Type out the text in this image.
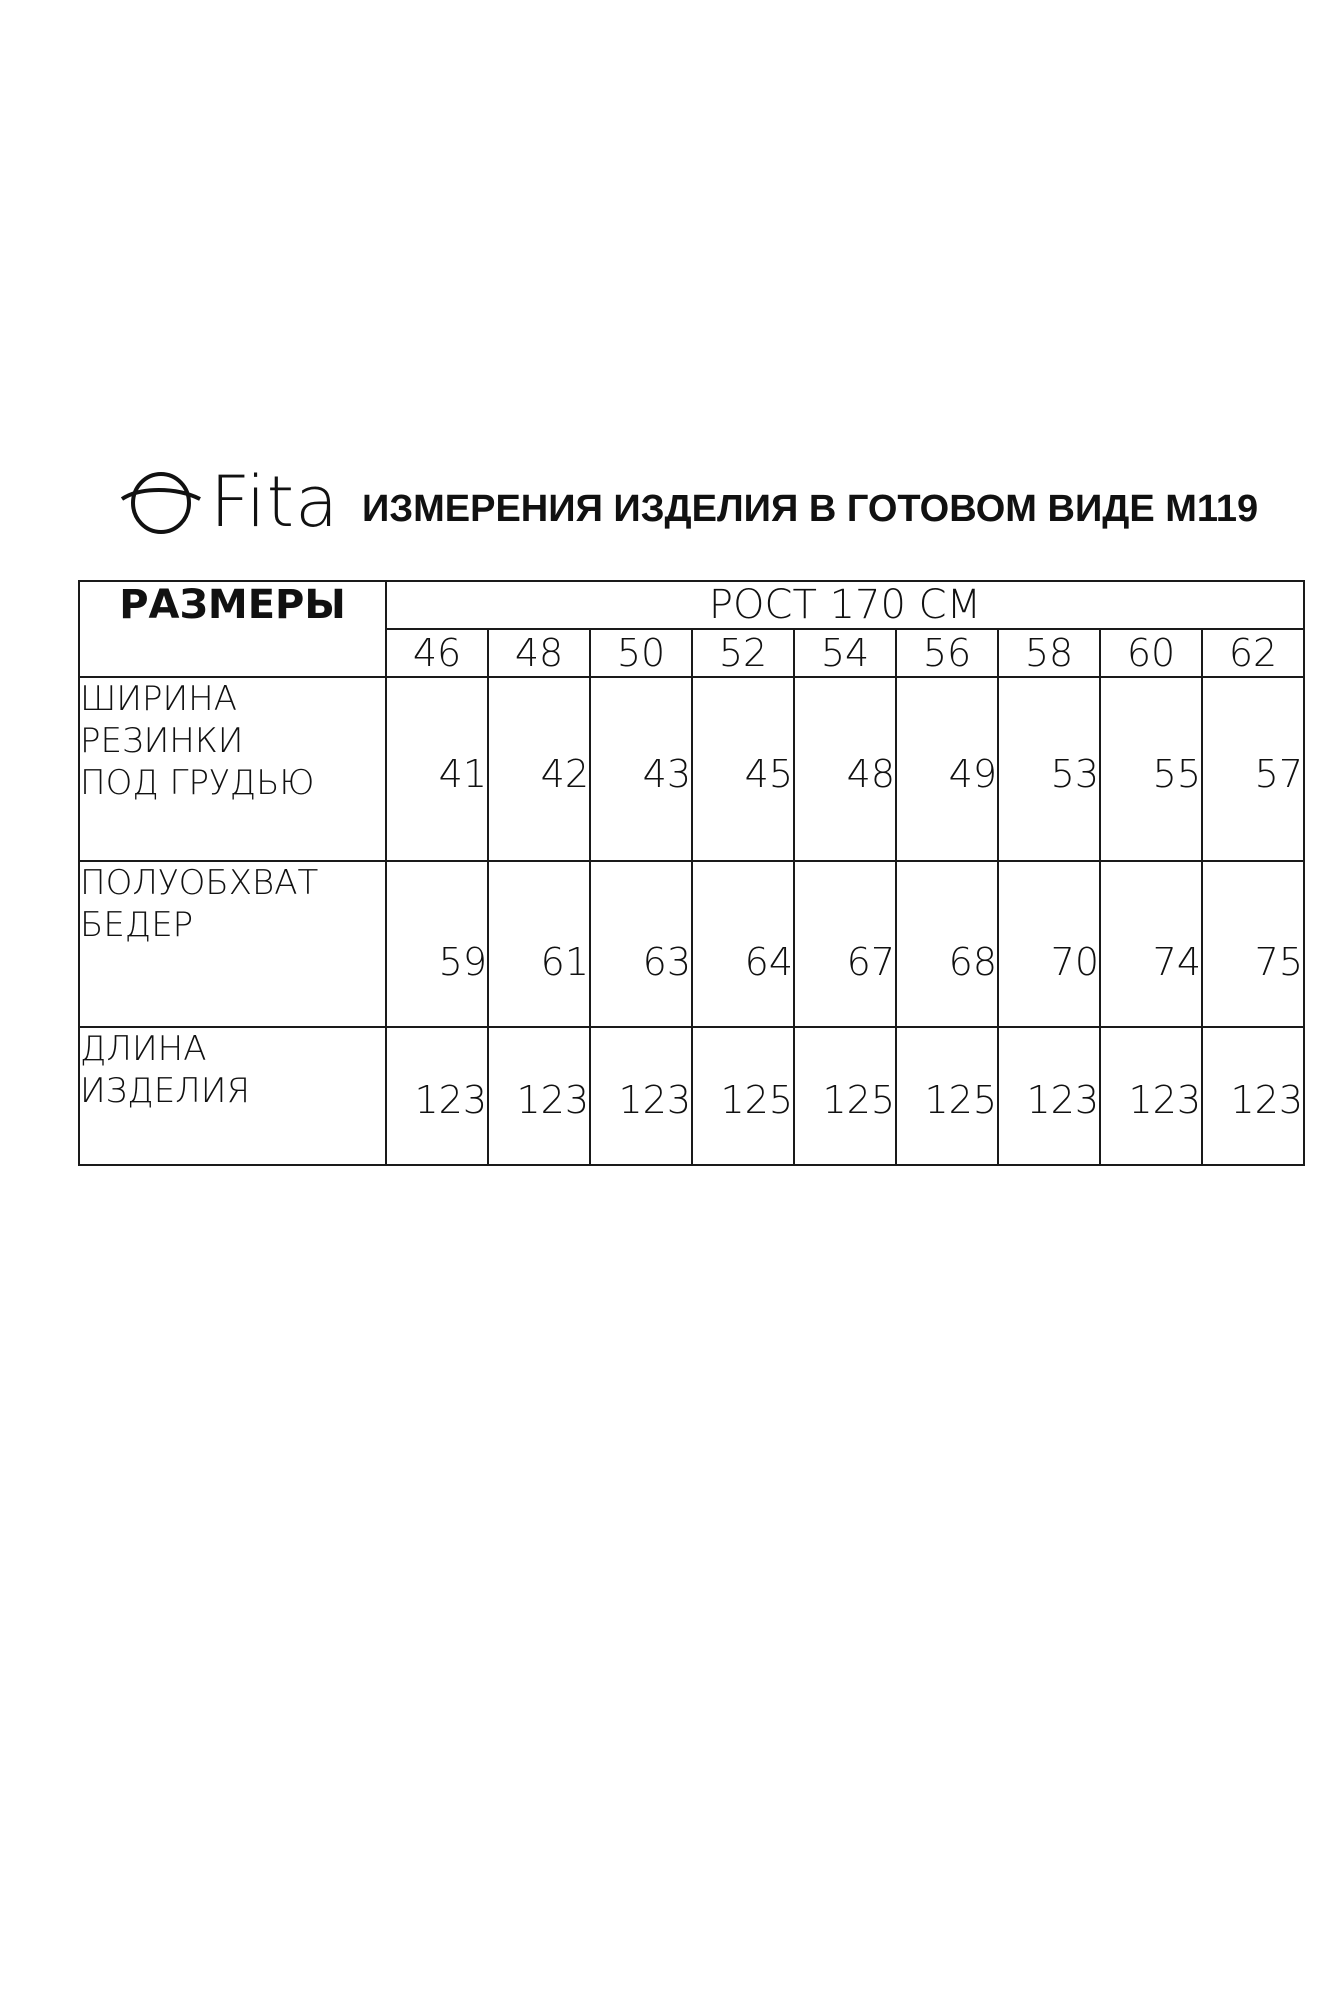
Fita ИЗМЕРЕНИЯ ИЗДЕЛИЯ В ГОТОВОМ ВИДЕ М119
РАЗМЕРЫ	РОСТ 170 СМ								
	46	48	50	52	54	56	58	60	62
ШИРИНА
РЕЗИНКИ
ПОД ГРУДЬЮ	41	42	43	45	48	49	53	55	57
ПОЛУОБХВАТ
БЕДЕР	59	61	63	64	67	68	70	74	75
ДЛИНА
ИЗДЕЛИЯ	123	123	123	125	125	125	123	123	123
